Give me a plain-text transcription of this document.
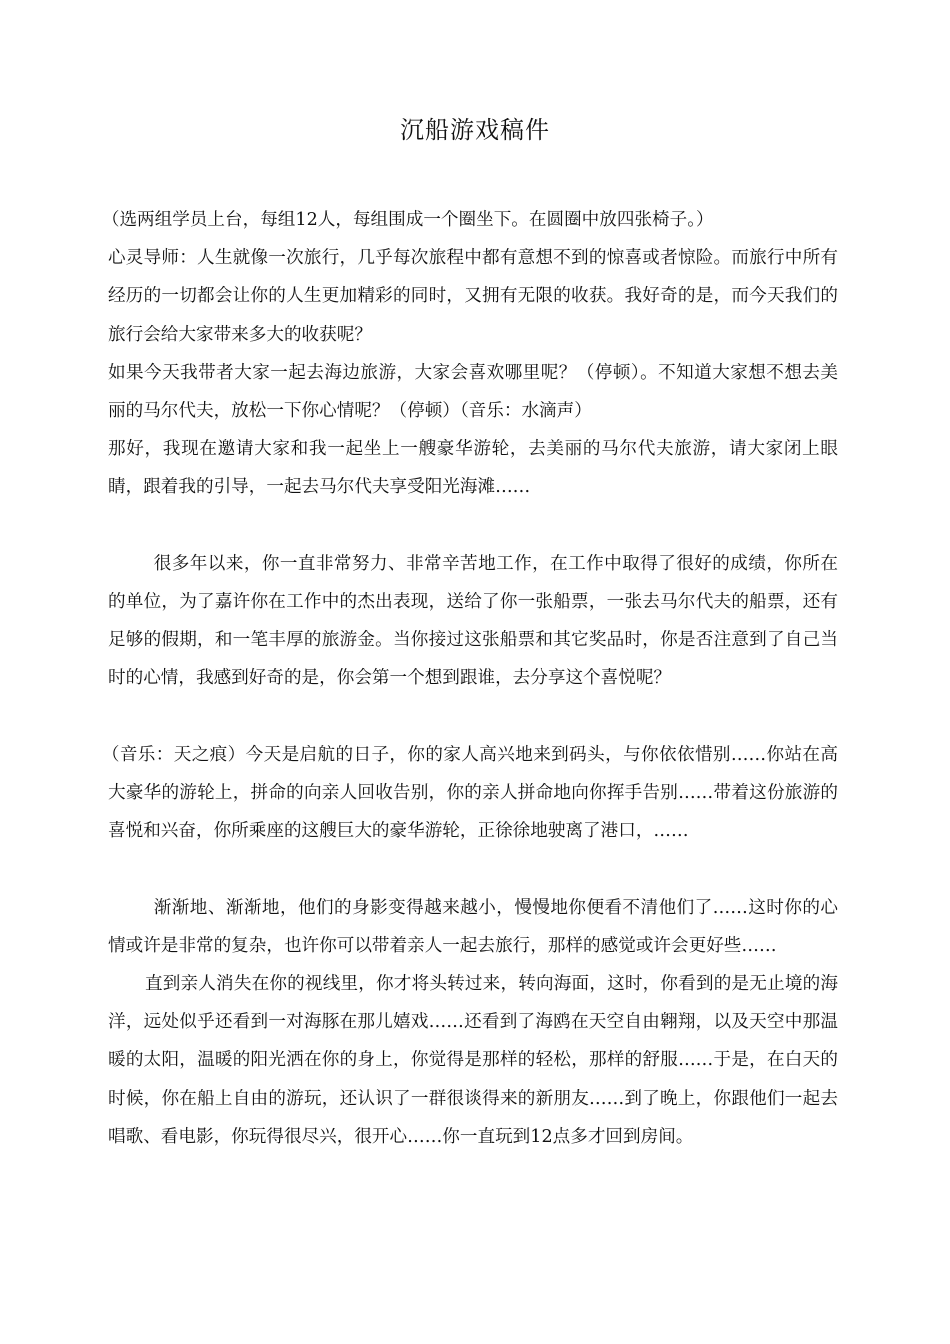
沉船游戏稿件

（选两组学员上台，每组12人，每组围成一个圈坐下。在圆圈中放四张椅子。）

心灵导师：人生就像一次旅行，几乎每次旅程中都有意想不到的惊喜或者惊险。而旅行中所有经历的一切都会让你的人生更加精彩的同时，又拥有无限的收获。我好奇的是，而今天我们的旅行会给大家带来多大的收获呢？

如果今天我带者大家一起去海边旅游，大家会喜欢哪里呢？（停顿）。不知道大家想不想去美丽的马尔代夫，放松一下你心情呢？（停顿）（音乐：水滴声）

那好，我现在邀请大家和我一起坐上一艘豪华游轮，去美丽的马尔代夫旅游，请大家闭上眼睛，跟着我的引导，一起去马尔代夫享受阳光海滩……

很多年以来，你一直非常努力、非常辛苦地工作，在工作中取得了很好的成绩，你所在的单位，为了嘉许你在工作中的杰出表现，送给了你一张船票，一张去马尔代夫的船票，还有足够的假期，和一笔丰厚的旅游金。当你接过这张船票和其它奖品时，你是否注意到了自己当时的心情，我感到好奇的是，你会第一个想到跟谁，去分享这个喜悦呢？

（音乐：天之痕）今天是启航的日子，你的家人高兴地来到码头，与你依依惜别……你站在高大豪华的游轮上，拼命的向亲人回收告别，你的亲人拼命地向你挥手告别……带着这份旅游的喜悦和兴奋，你所乘座的这艘巨大的豪华游轮，正徐徐地驶离了港口，……

渐渐地、渐渐地，他们的身影变得越来越小，慢慢地你便看不清他们了……这时你的心情或许是非常的复杂，也许你可以带着亲人一起去旅行，那样的感觉或许会更好些……

直到亲人消失在你的视线里，你才将头转过来，转向海面，这时，你看到的是无止境的海洋，远处似乎还看到一对海豚在那儿嬉戏……还看到了海鸥在天空自由翱翔，以及天空中那温暖的太阳，温暖的阳光洒在你的身上，你觉得是那样的轻松，那样的舒服……于是，在白天的时候，你在船上自由的游玩，还认识了一群很谈得来的新朋友……到了晚上，你跟他们一起去唱歌、看电影，你玩得很尽兴，很开心……你一直玩到12点多才回到房间。
